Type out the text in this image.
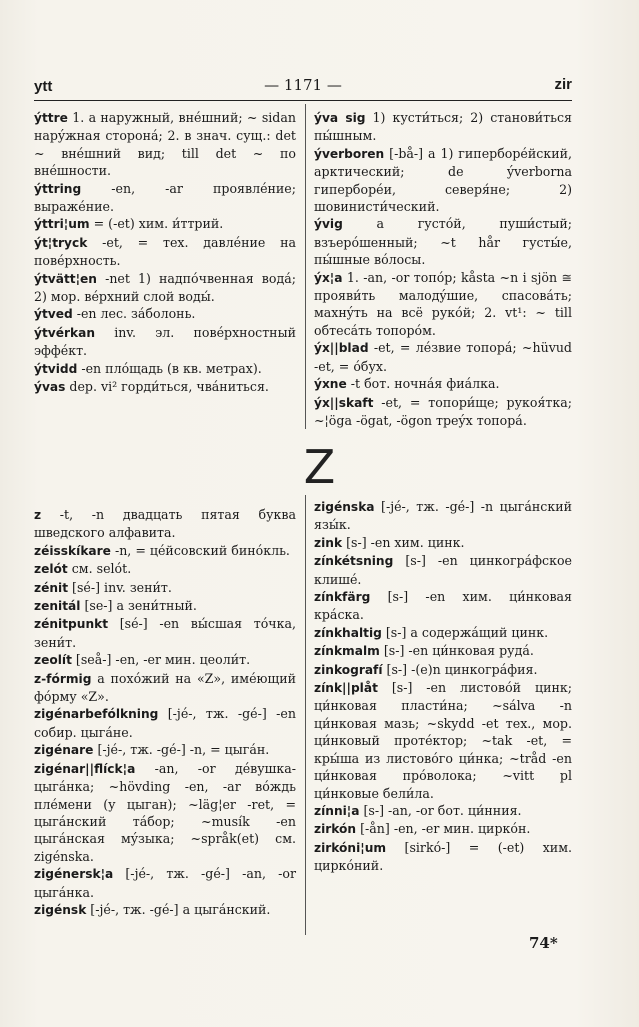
ytt	— 1171 —	zir

ýttre 1. а наружный, внéшний; ~ sidan нарýжная сторонá; 2. в знач. сущ.: det ~ внéшний вид; till det ~ по внéшности.

ýttring -en, -ar проявлéние; выражéние.

ýttri¦um = (-et) хим. и́ттрий.

ýt¦tryck -et, = тех. давлéние на повéрхность.

ýtvätt¦en -net 1) надпóчвенная водá; 2) мор. вéрхний слой воды́.

ýtved -en лес. зáболонь.

ýtvérkan inv. эл. повéрхностный эффéкт.

ýtvidd -en плóщадь (в кв. метрах).

ývas dep. vi² горди́ться, чвáниться.

ýva sig 1) кусти́ться; 2) станови́ться пы́шным.

ýverboren [-bå-] а 1) гиперборéйский, арктический; de ýverborna гиперборéи, северя́не; 2) шовинисти́ческий.

ývig а густóй, пуши́стый; взъерóшенный; ~t hår густы́е, пы́шные вóлосы.

ýx¦a 1. -an, -or топóр; kåsta ~n i sjön ≅ прояви́ть малодýшие, спасовáть; махнýть на всё рукóй; 2. vt¹: ~ till обтесáть топорóм.

ýx||blad -et, = лéзвие топорá; ~hüvud -et, = óбух.

ýxne -t бот. ночнáя фиáлка.

ýx||skaft -et, = топори́ще; рукоя́тка; ~¦öga -ögat, -ögon треýх топорá.

Z

z -t, -n двадцать пятая буква шведского алфавита.

zéisskíkare -n, = цéйсовский бинóкль.

zelót см. selót.

zénit [sé-] inv. зени́т.

zenitál [se-] а зени́тный.

zénitpunkt [sé-] -en вы́сшая тóчка, зени́т.

zeolít [seå-] -en, -er мин. цеоли́т.

z-fórmig а похóжий на «Z», имéющий фóрму «Z».

zigénarbefólkning [-jé-, тж. -gé-] -en собир. цыгáне.

zigénare [-jé-, тж. -gé-] -n, = цыгáн.

zigénar||flíck¦a -an, -or дéвушка-цыгáнка; ~hövding -en, -ar вóждь плéмени (у цыган); ~läg¦er -ret, = цыгáнский тáбор; ~musík -en цыгáнская мýзыка; ~språk(et) см. zigénska.

zigénersk¦a [-jé-, тж. -gé-] -an, -or цыгáнка.

zigénsk [-jé-, тж. -gé-] а цыгáнский.

zigénska [-jé-, тж. -gé-] -n цыгáнский язы́к.

zink [s-] -en хим. цинк.

zínkétsning [s-] -en цинкогрáфское клишé.

zínkfärg [s-] -en хим. ци́нковая крáска.

zínkhaltig [s-] а содержáщий цинк.

zínkmalm [s-] -en ци́нковая рудá.

zinkografí [s-] -(e)n цинкогрáфия.

zínk||plåt [s-] -en листовóй цинк; ци́нковая пласти́на; ~sálva -n ци́нковая мазь; ~skydd -et тех., мор. ци́нковый протéктор; ~tak -et, = кры́ша из листовóго ци́нка; ~tråd -en ци́нковая прóволока; ~vitt pl ци́нковые бели́ла.

zínni¦a [s-] -an, -or бот. ци́нния.

zirkón [-ån] -en, -er мин. циркóн.

zirkóni¦um [sirkó-] = (-et) хим. циркóний.

74*
